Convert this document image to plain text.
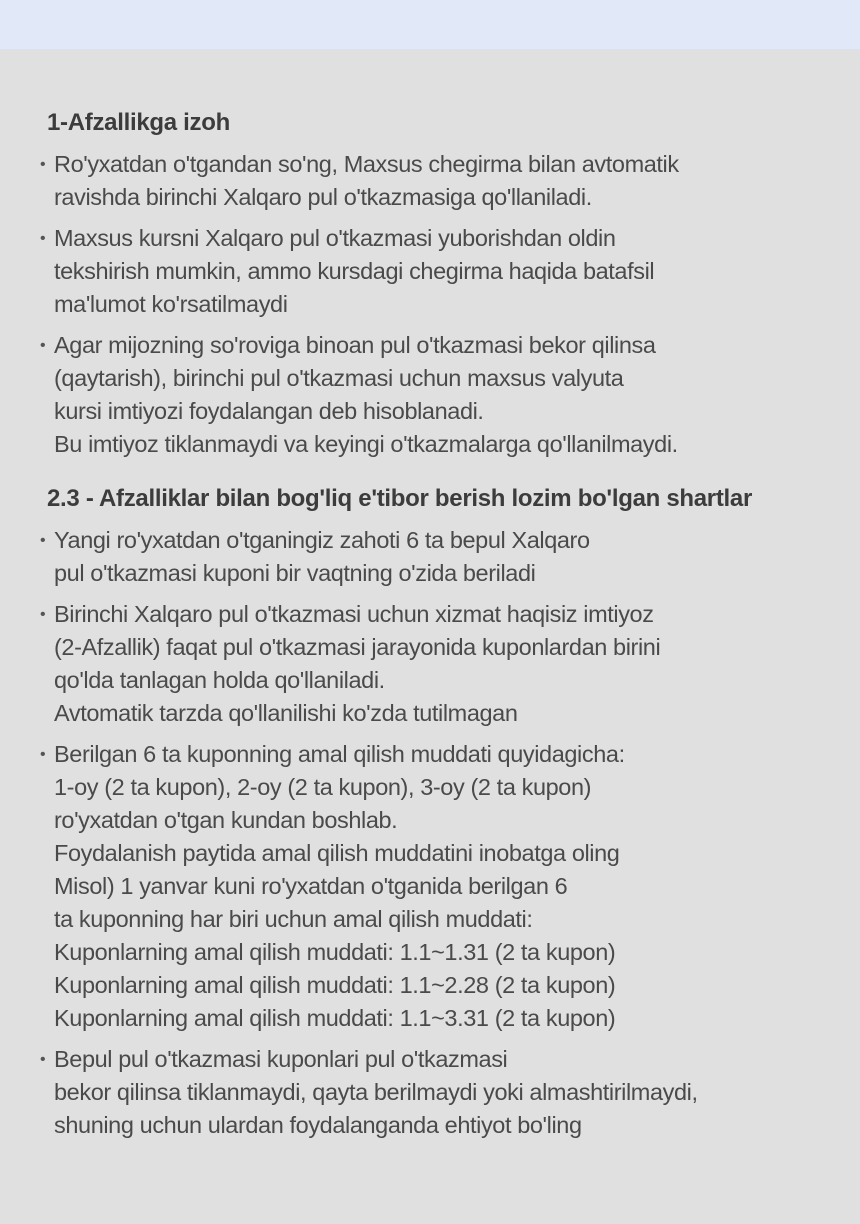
1-Afzallikga izoh
• Ro'yxatdan o'tgandan so'ng, Maxsus chegirma bilan avtomatik
ravishda birinchi Xalqaro pul o'tkazmasiga qo'llaniladi.
• Maxsus kursni Xalqaro pul o'tkazmasi yuborishdan oldin
tekshirish mumkin, ammo kursdagi chegirma haqida batafsil
ma'lumot ko'rsatilmaydi
• Agar mijozning so'roviga binoan pul o'tkazmasi bekor qilinsa
(qaytarish), birinchi pul o'tkazmasi uchun maxsus valyuta
kursi imtiyozi foydalangan deb hisoblanadi.
Bu imtiyoz tiklanmaydi va keyingi o'tkazmalarga qo'llanilmaydi.
2.3 - Afzalliklar bilan bog'liq e'tibor berish lozim bo'lgan shartlar
• Yangi ro'yxatdan o'tganingiz zahoti 6 ta bepul Xalqaro
pul o'tkazmasi kuponi bir vaqtning o'zida beriladi
• Birinchi Xalqaro pul o'tkazmasi uchun xizmat haqisiz imtiyoz
(2-Afzallik) faqat pul o'tkazmasi jarayonida kuponlardan birini
qo'lda tanlagan holda qo'llaniladi.
Avtomatik tarzda qo'llanilishi ko'zda tutilmagan
• Berilgan 6 ta kuponning amal qilish muddati quyidagicha:
1-oy (2 ta kupon), 2-oy (2 ta kupon), 3-oy (2 ta kupon)
ro'yxatdan o'tgan kundan boshlab.
Foydalanish paytida amal qilish muddatini inobatga oling
Misol) 1 yanvar kuni ro'yxatdan o'tganida berilgan 6
ta kuponning har biri uchun amal qilish muddati:
Kuponlarning amal qilish muddati: 1.1~1.31 (2 ta kupon)
Kuponlarning amal qilish muddati: 1.1~2.28 (2 ta kupon)
Kuponlarning amal qilish muddati: 1.1~3.31 (2 ta kupon)
• Bepul pul o'tkazmasi kuponlari pul o'tkazmasi
bekor qilinsa tiklanmaydi, qayta berilmaydi yoki almashtirilmaydi,
shuning uchun ulardan foydalanganda ehtiyot bo'ling
